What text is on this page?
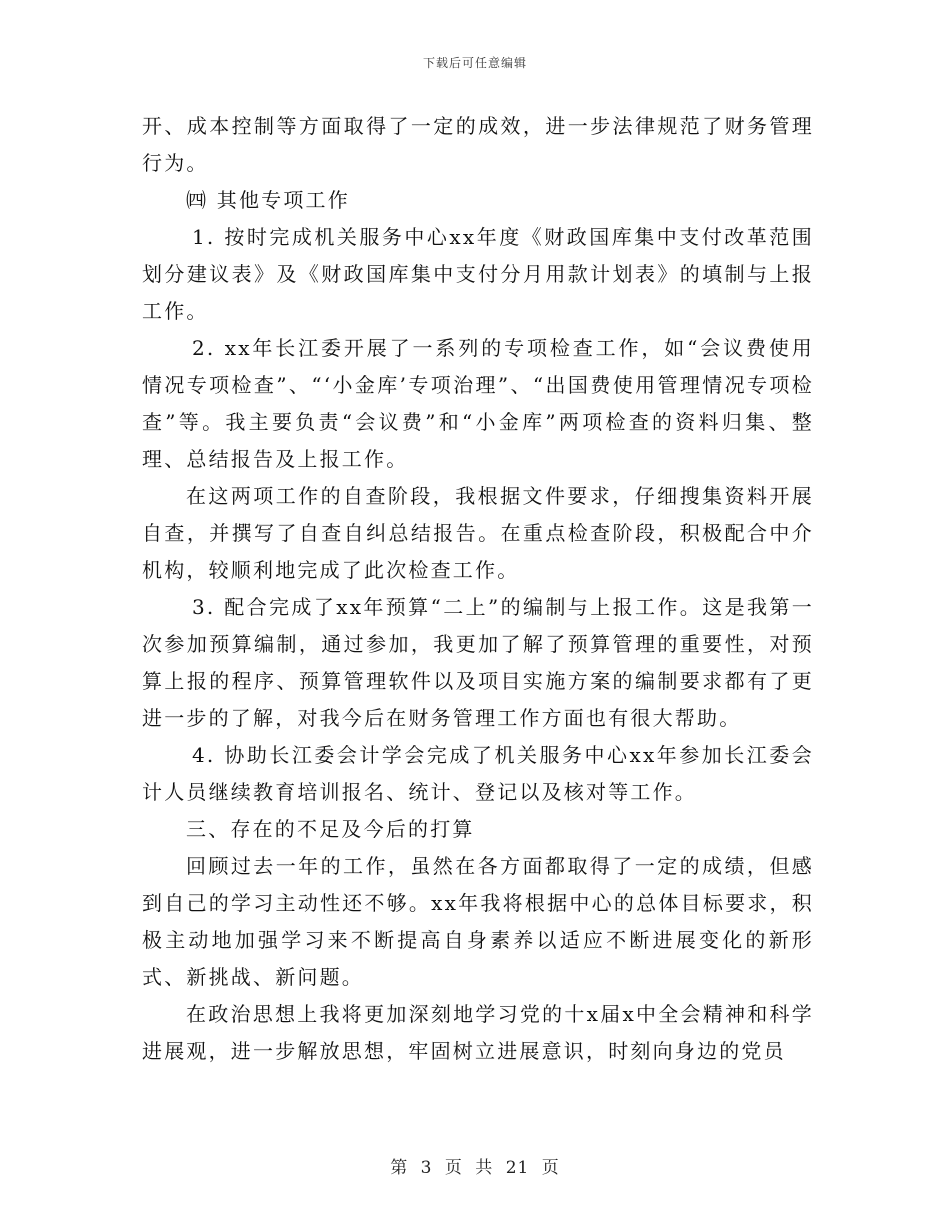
下载后可任意编辑

开、成本控制等方面取得了一定的成效，进一步法律规范了财务管理行为。

㈣ 其他专项工作

1. 按时完成机关服务中心xx年度《财政国库集中支付改革范围划分建议表》及《财政国库集中支付分月用款计划表》的填制与上报工作。

2. xx年长江委开展了一系列的专项检查工作，如“会议费使用情况专项检查”、“‘小金库’专项治理”、“出国费使用管理情况专项检查”等。我主要负责“会议费”和“小金库”两项检查的资料归集、整理、总结报告及上报工作。

在这两项工作的自查阶段，我根据文件要求，仔细搜集资料开展自查，并撰写了自查自纠总结报告。在重点检查阶段，积极配合中介机构，较顺利地完成了此次检查工作。

3. 配合完成了xx年预算“二上”的编制与上报工作。这是我第一次参加预算编制，通过参加，我更加了解了预算管理的重要性，对预算上报的程序、预算管理软件以及项目实施方案的编制要求都有了更进一步的了解，对我今后在财务管理工作方面也有很大帮助。

4. 协助长江委会计学会完成了机关服务中心xx年参加长江委会计人员继续教育培训报名、统计、登记以及核对等工作。

三、存在的不足及今后的打算

回顾过去一年的工作，虽然在各方面都取得了一定的成绩，但感到自己的学习主动性还不够。xx年我将根据中心的总体目标要求，积极主动地加强学习来不断提高自身素养以适应不断进展变化的新形式、新挑战、新问题。

在政治思想上我将更加深刻地学习党的十x届x中全会精神和科学进展观，进一步解放思想，牢固树立进展意识，时刻向身边的党员

第 3 页 共 21 页
